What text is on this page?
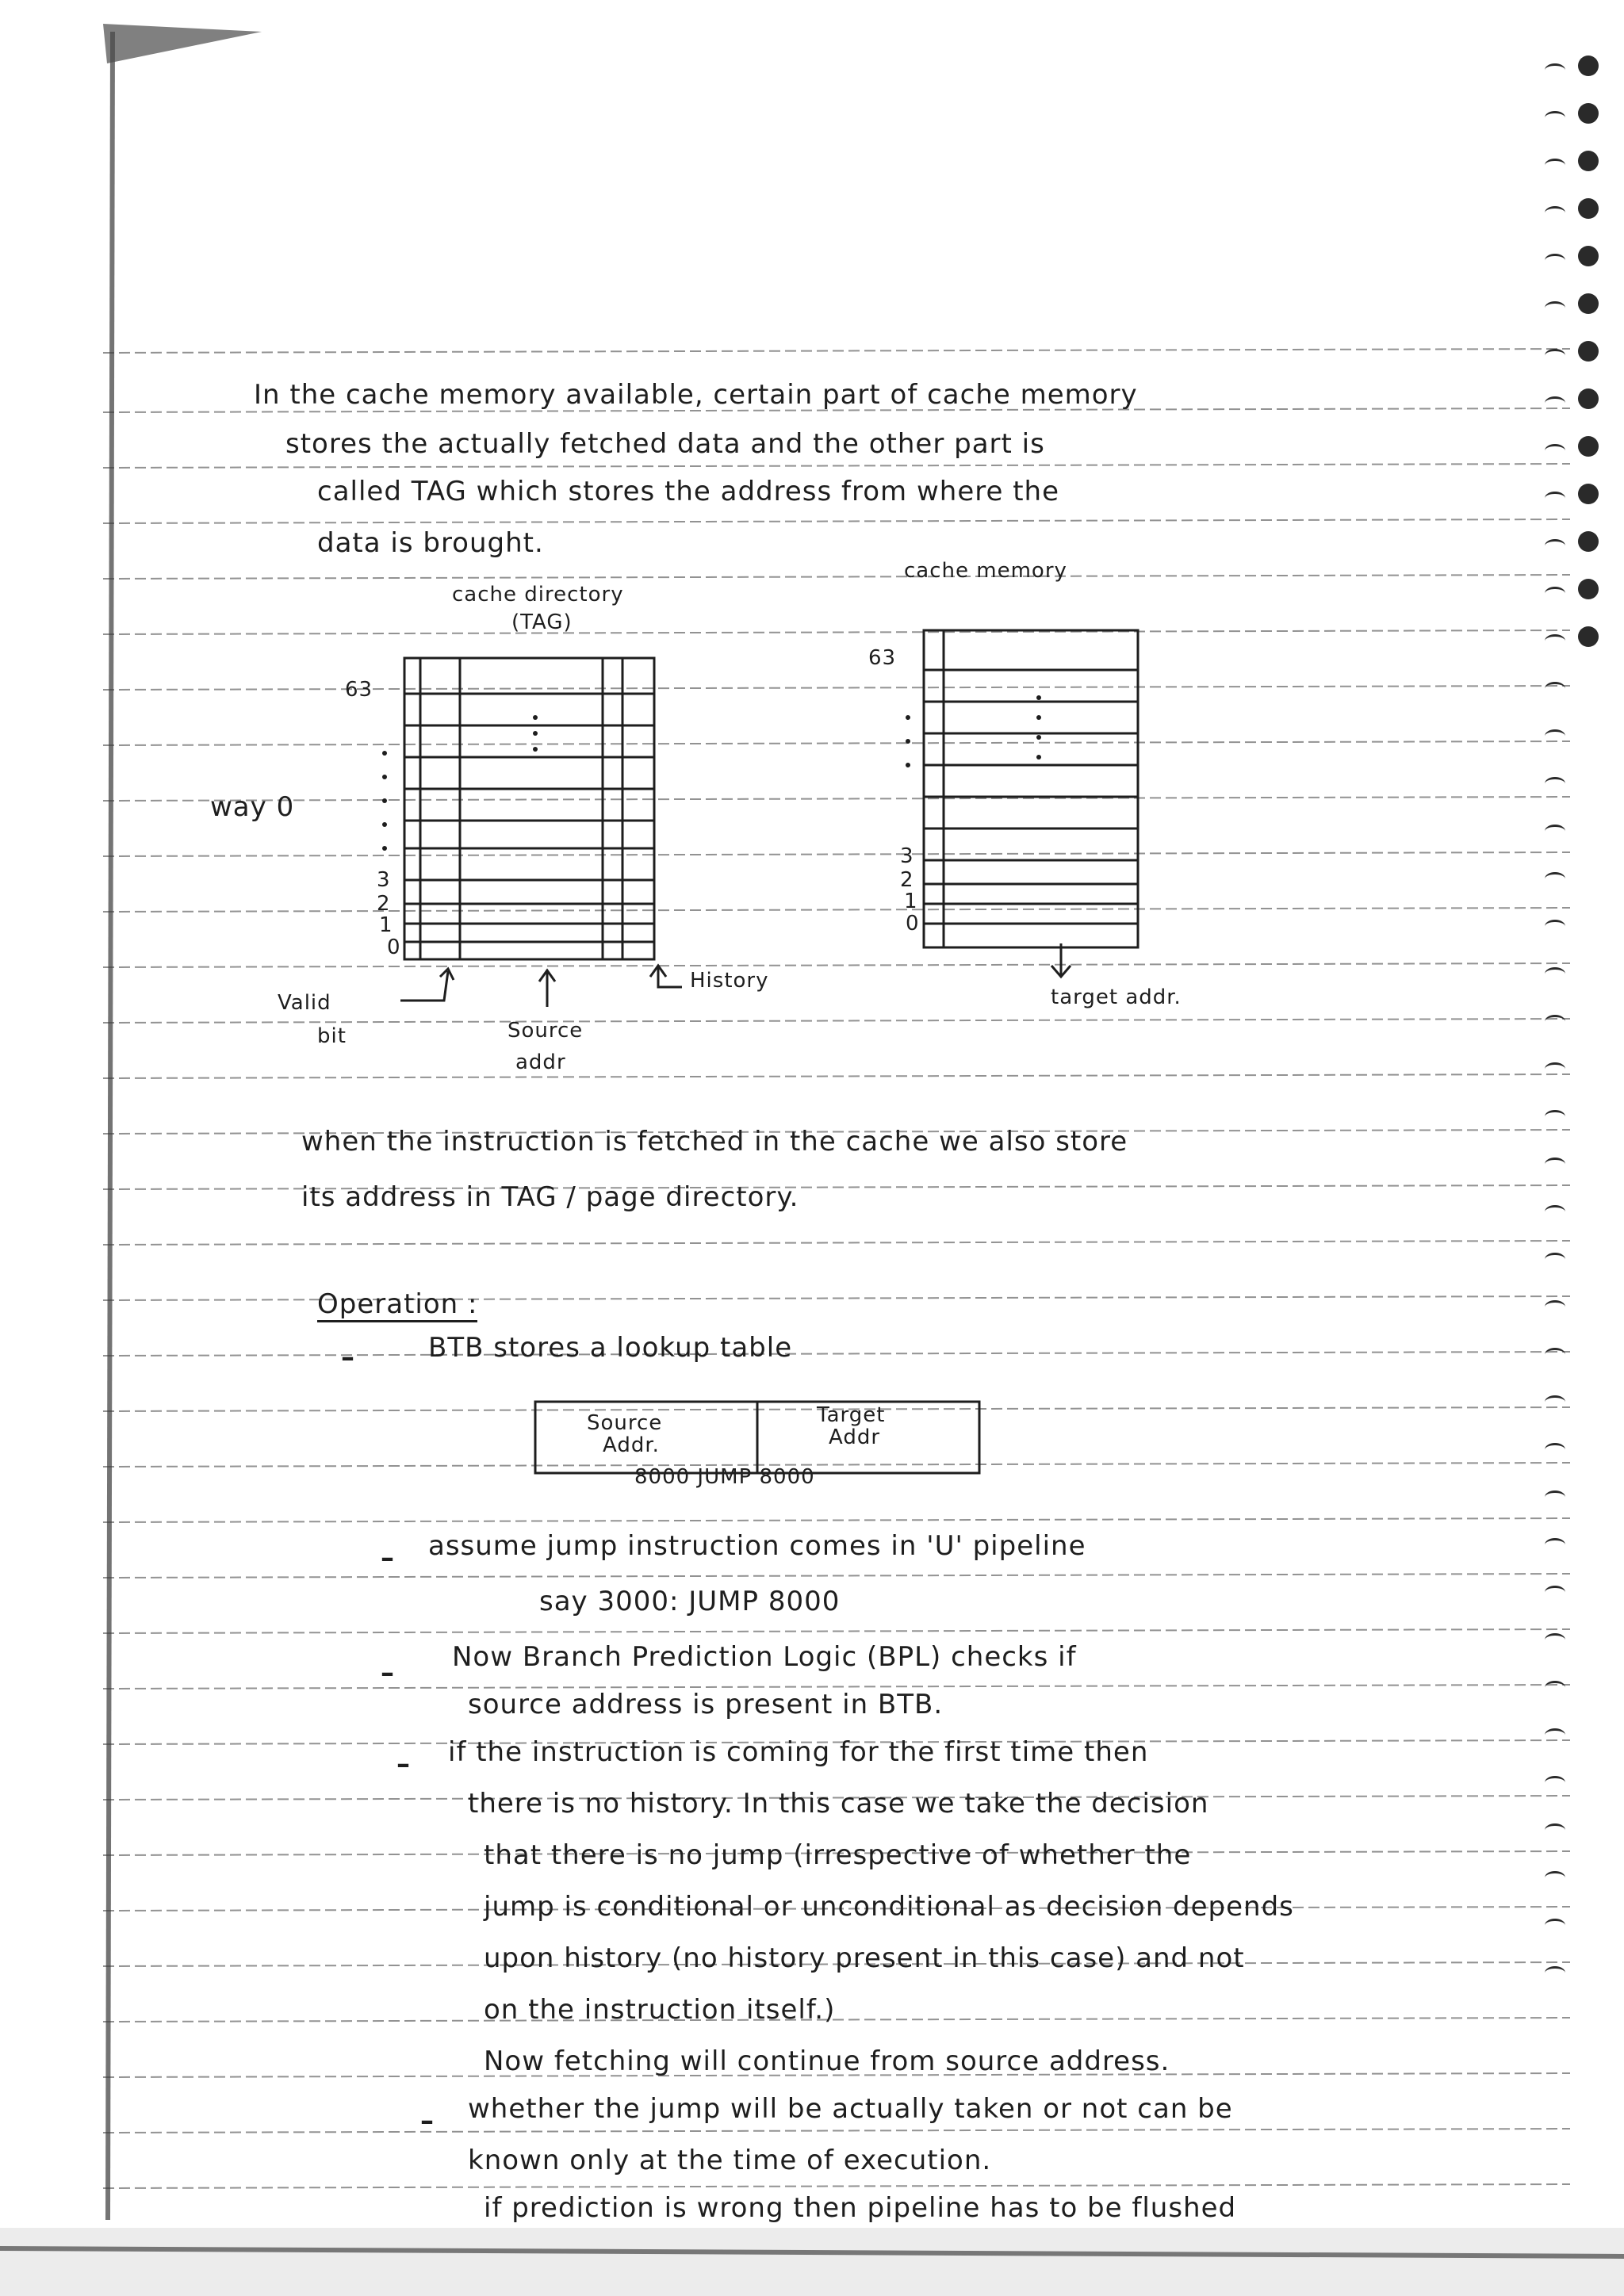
In the cache memory available, certain part of cache memory
stores the actually fetched data and the other part is
called TAG which stores the address from where the
data is brought.
cache directory
(TAG)
cache memory
63
3
2
1
0
63
3
2
1
0
way 0
Valid
bit	Source
addr
History
target addr.
when the instruction is fetched in the cache we also store
its address in TAG / page directory.
Operation :
–	BTB stores a lookup table
Source
Addr.
Target
Addr
8000 JUMP 8000
– assume jump instruction comes in 'U' pipeline
say 3000: JUMP 8000
– Now Branch Prediction Logic (BPL) checks if
source address is present in BTB.
– if the instruction is coming for the first time then
there is no history. In this case we take the decision
that there is no jump (irrespective of whether the
jump is conditional or unconditional as decision depends
upon history (no history present in this case) and not
on the instruction itself.)
Now fetching will continue from source address.
– whether the jump will be actually taken or not can be
known only at the time of execution.
if prediction is wrong then pipeline has to be flushed
